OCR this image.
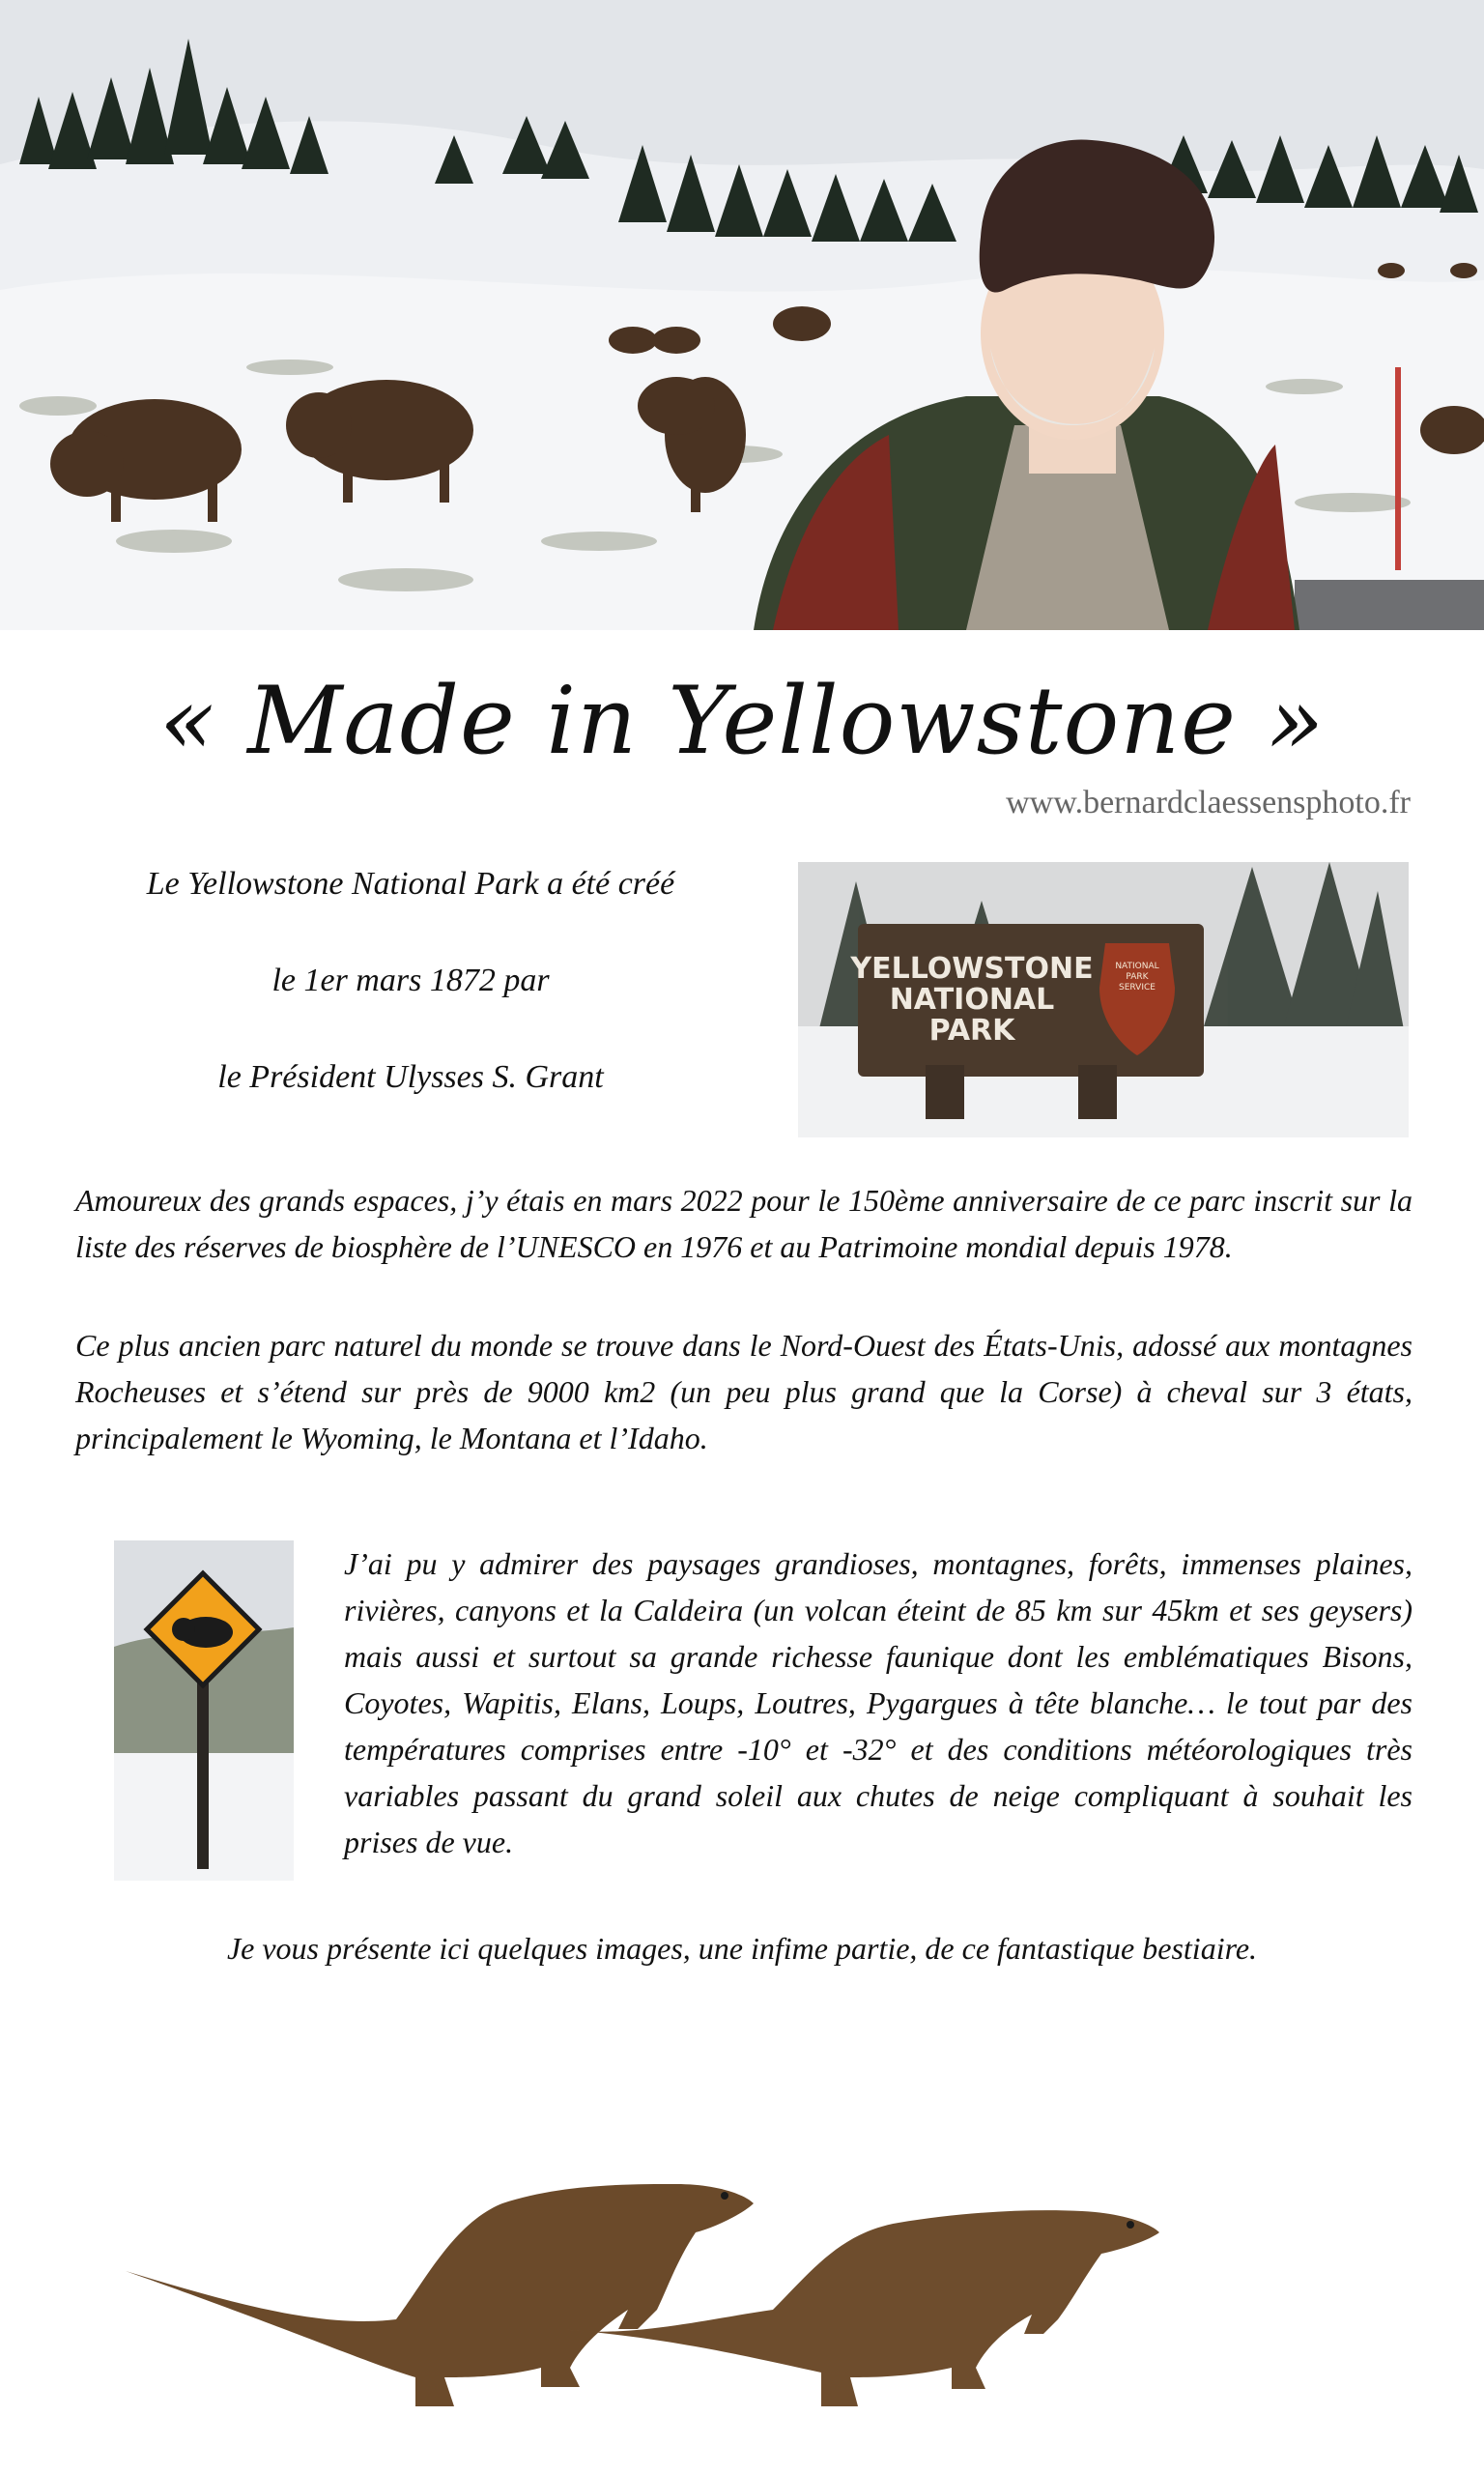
« Made in Yellowstone »
www.bernardclaessensphoto.fr

Le Yellowstone National Park a été créé

le 1er mars 1872 par

le Président Ulysses S. Grant

YELLOWSTONE
NATIONAL
PARK
NATIONAL
PARK
SERVICE

Amoureux des grands espaces, j’y étais en mars 2022 pour le 150ème anniversaire de ce parc inscrit sur la liste des réserves de biosphère de l’UNESCO en 1976 et au Patrimoine mondial depuis 1978.

Ce plus ancien parc naturel du monde se trouve dans le Nord-Ouest des États-Unis, adossé aux montagnes Rocheuses et s’étend sur près de 9000 km2 (un peu plus grand que la Corse) à cheval sur 3 états, principalement le Wyoming, le Montana et l’Idaho.

J’ai pu y admirer des paysages grandioses, montagnes, forêts, immenses plaines, rivières, canyons et la Caldeira (un volcan éteint de 85 km sur 45km et ses geysers) mais aussi et surtout sa grande richesse faunique dont les emblématiques Bisons, Coyotes, Wapitis, Elans, Loups, Loutres, Pygargues à tête blanche… le tout par des températures comprises entre -10° et -32° et des conditions météorologiques très variables passant du grand soleil aux chutes de neige compliquant à souhait les prises de vue.

Je vous présente ici quelques images, une infime partie, de ce fantastique bestiaire.
